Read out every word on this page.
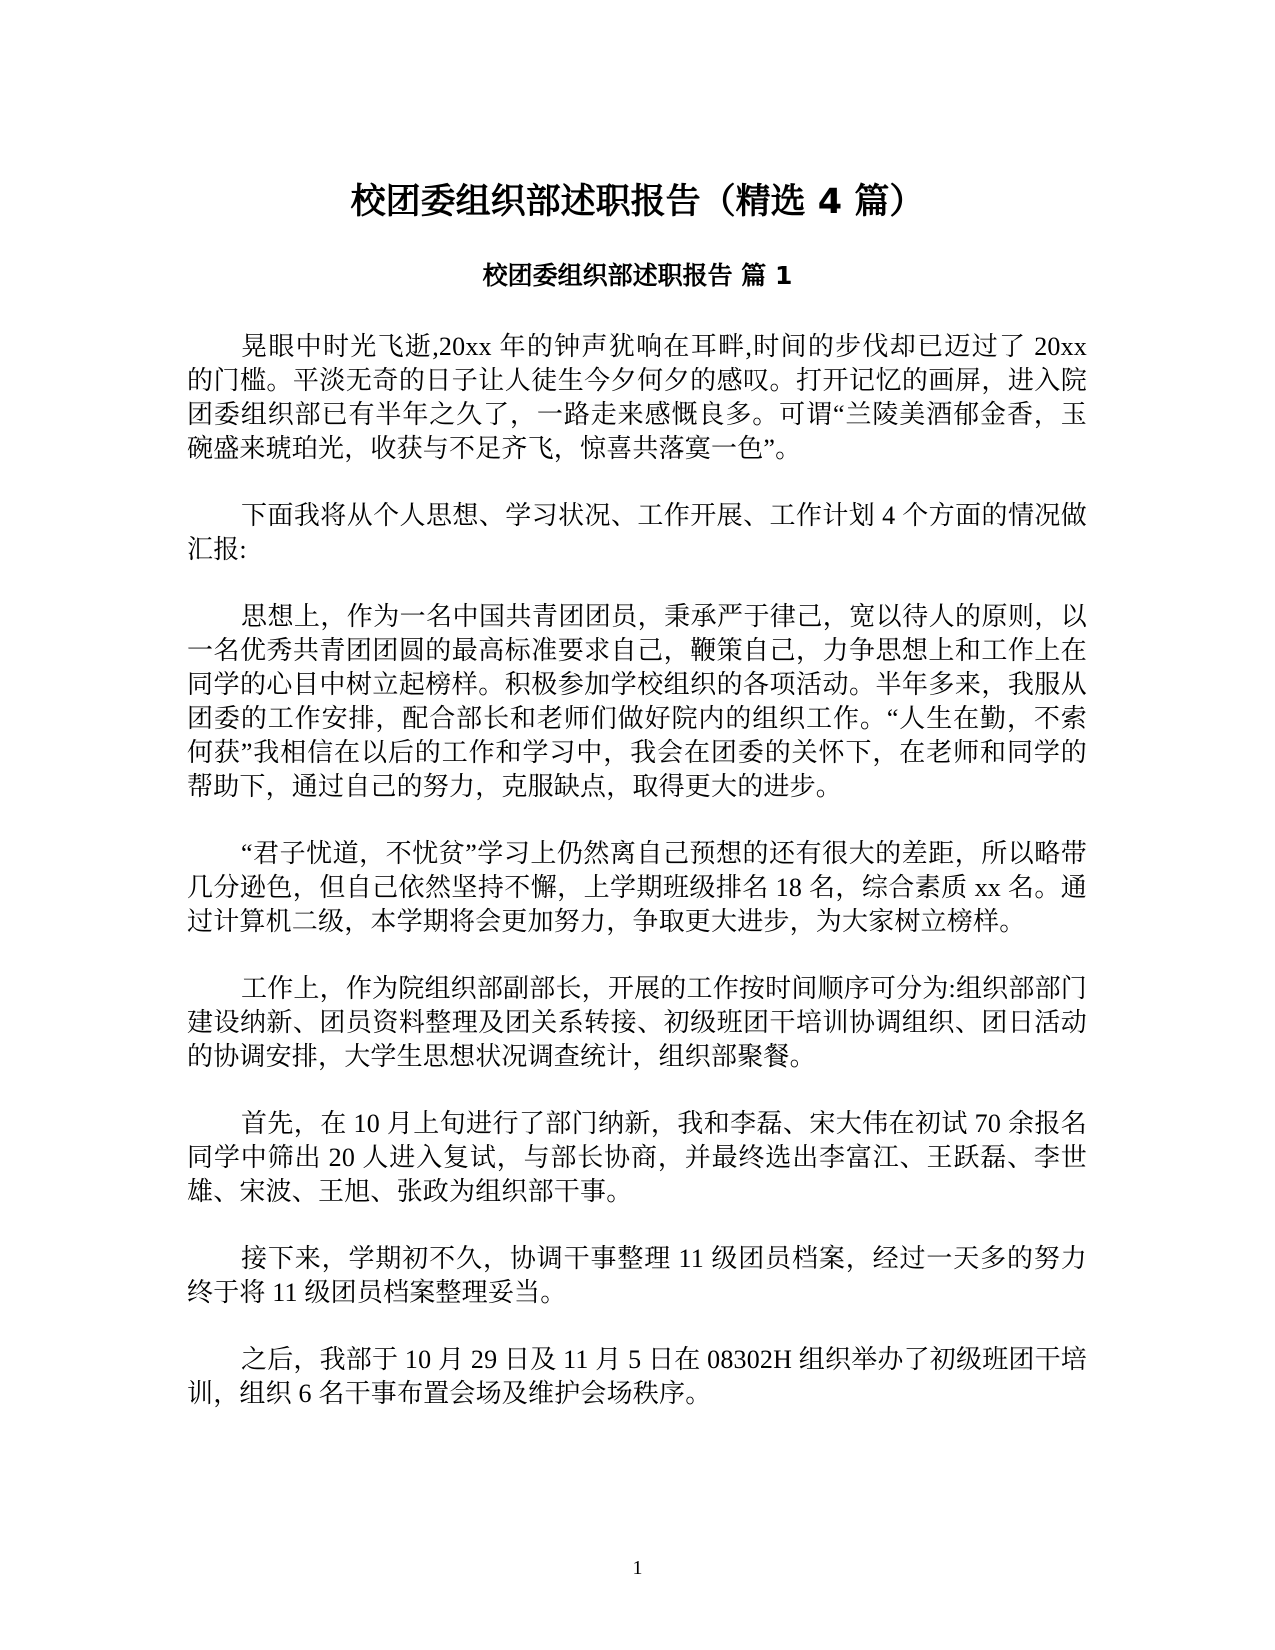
校团委组织部述职报告（精选 4 篇）
校团委组织部述职报告 篇 1

晃眼中时光飞逝,20xx 年的钟声犹响在耳畔,时间的步伐却已迈过了 20xx 的门槛。平淡无奇的日子让人徒生今夕何夕的感叹。打开记忆的画屏，进入院团委组织部已有半年之久了，一路走来感慨良多。可谓“兰陵美酒郁金香，玉碗盛来琥珀光，收获与不足齐飞，惊喜共落寞一色”。

下面我将从个人思想、学习状况、工作开展、工作计划 4 个方面的情况做汇报:

思想上，作为一名中国共青团团员，秉承严于律己，宽以待人的原则，以一名优秀共青团团圆的最高标准要求自己，鞭策自己，力争思想上和工作上在同学的心目中树立起榜样。积极参加学校组织的各项活动。半年多来，我服从团委的工作安排，配合部长和老师们做好院内的组织工作。“人生在勤，不索何获”我相信在以后的工作和学习中，我会在团委的关怀下，在老师和同学的帮助下，通过自己的努力，克服缺点，取得更大的进步。

“君子忧道，不忧贫”学习上仍然离自己预想的还有很大的差距，所以略带几分逊色，但自己依然坚持不懈，上学期班级排名 18 名，综合素质 xx 名。通过计算机二级，本学期将会更加努力，争取更大进步，为大家树立榜样。

工作上，作为院组织部副部长，开展的工作按时间顺序可分为:组织部部门建设纳新、团员资料整理及团关系转接、初级班团干培训协调组织、团日活动的协调安排，大学生思想状况调查统计，组织部聚餐。

首先，在 10 月上旬进行了部门纳新，我和李磊、宋大伟在初试 70 余报名同学中筛出 20 人进入复试，与部长协商，并最终选出李富江、王跃磊、李世雄、宋波、王旭、张政为组织部干事。

接下来，学期初不久，协调干事整理 11 级团员档案，经过一天多的努力终于将 11 级团员档案整理妥当。

之后，我部于 10 月 29 日及 11 月 5 日在 08302H 组织举办了初级班团干培训，组织 6 名干事布置会场及维护会场秩序。

1
